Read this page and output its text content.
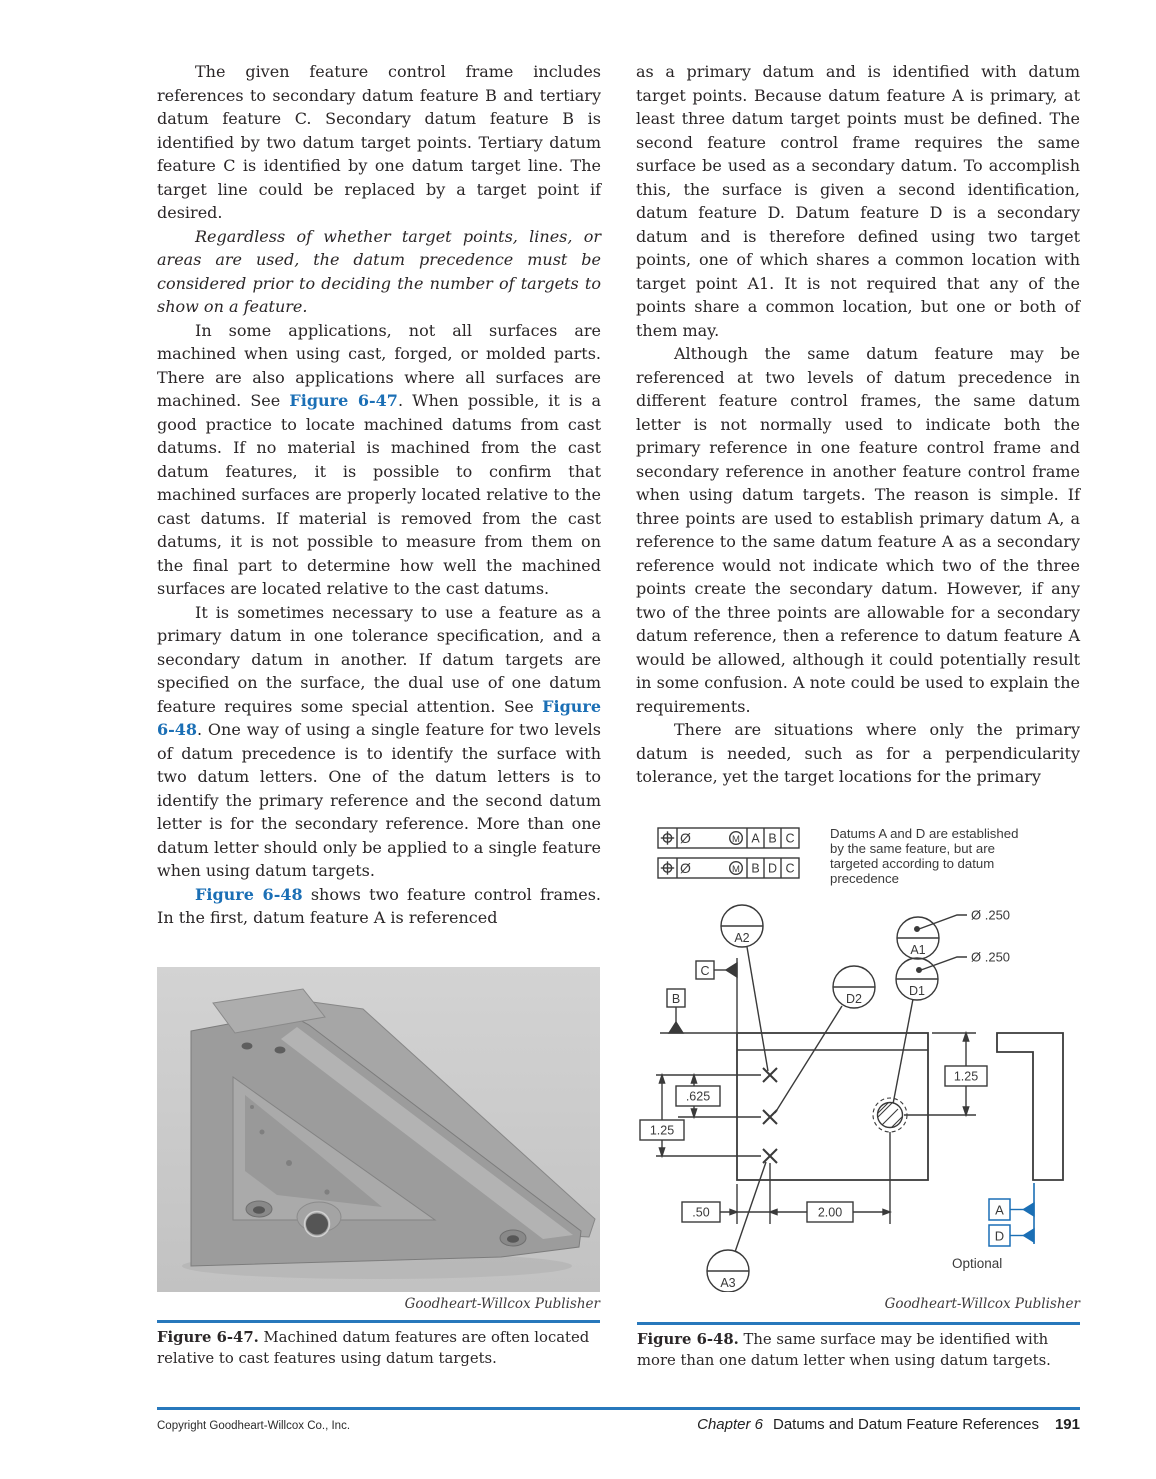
The given feature control frame includes references to secondary datum feature B and tertiary datum feature C. Secondary datum feature B is identified by two datum target points. Tertiary datum feature C is identified by one datum target line. The target line could be replaced by a target point if desired.

Regardless of whether target points, lines, or areas are used, the datum precedence must be considered prior to deciding the number of targets to show on a feature.

In some applications, not all surfaces are machined when using cast, forged, or molded parts. There are also applications where all surfaces are machined. See Figure 6-47. When possible, it is a good practice to locate machined datums from cast datums. If no material is machined from the cast datum features, it is possible to confirm that machined surfaces are properly located relative to the cast datums. If material is removed from the cast datums, it is not possible to measure from them on the final part to determine how well the machined surfaces are located relative to the cast datums.

It is sometimes necessary to use a feature as a primary datum in one tolerance specification, and a secondary datum in another. If datum targets are specified on the surface, the dual use of one datum feature requires some special attention. See Figure 6-48. One way of using a single feature for two levels of datum precedence is to identify the surface with two datum letters. One of the datum letters is to identify the primary reference and the second datum letter is for the secondary reference. More than one datum letter should only be applied to a single feature when using datum targets.

Figure 6-48 shows two feature control frames. In the first, datum feature A is referenced

as a primary datum and is identified with datum target points. Because datum feature A is primary, at least three datum target points must be defined. The second feature control frame requires the same surface be used as a secondary datum. To accomplish this, the surface is given a second identification, datum feature D. Datum feature D is a secondary datum and is therefore defined using two target points, one of which shares a common location with target point A1. It is not required that any of the points share a common location, but one or both of them may.

Although the same datum feature may be referenced at two levels of datum precedence in different feature control frames, the same datum letter is not normally used to indicate both the primary reference in one feature control frame and secondary reference in another feature control frame when using datum targets. The reason is simple. If three points are used to establish primary datum A, a reference to the same datum feature A as a secondary reference would not indicate which two of the three points create the secondary datum. However, if any two of the three points are allowable for a secondary datum reference, then a reference to datum feature A would be allowed, although it could potentially result in some confusion. A note could be used to explain the requirements.

There are situations where only the primary datum is needed, such as for a perpendicularity tolerance, yet the target locations for the primary

Goodheart-Willcox Publisher

Figure 6-47. Machined datum features are often located relative to cast features using datum targets.

Ø	M A B C
Ø	M B D C
Datums A and D are established
by the same feature, but are
targeted according to datum
precedence
A2
D2
A1
D1
A3
Ø .250
Ø .250
C
B
1.25
.625
1.25
.50	2.00	A
D
Optional
Goodheart-Willcox Publisher

Figure 6-48. The same surface may be identified with more than one datum letter when using datum targets.

Copyright Goodheart-Willcox Co., Inc.	Chapter 6 Datums and Datum Feature References 191
